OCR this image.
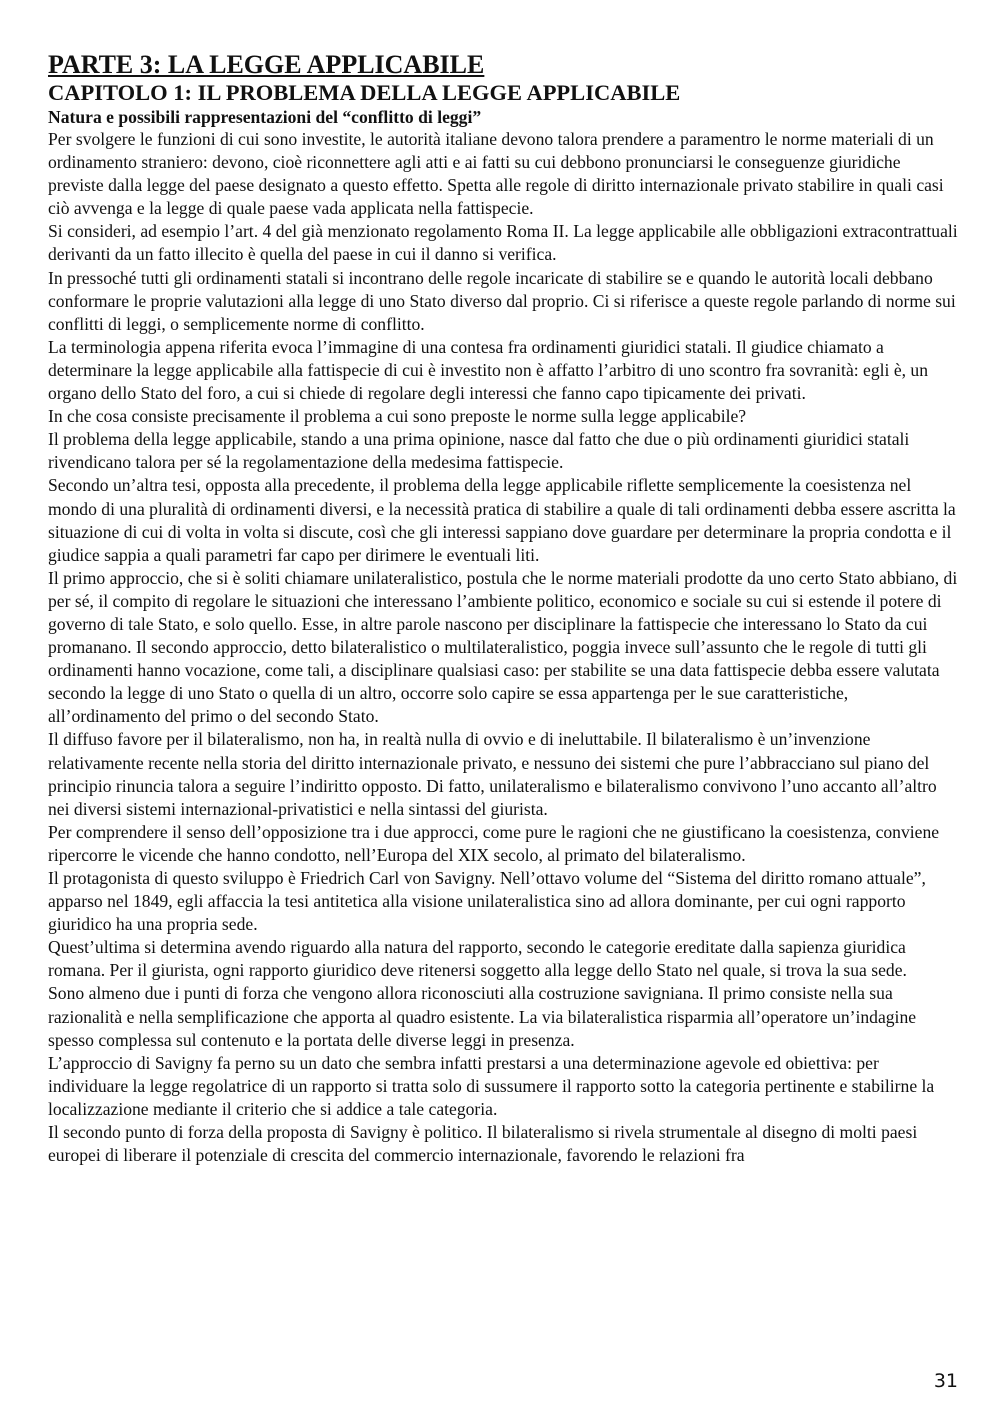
PARTE 3: LA LEGGE APPLICABILE
CAPITOLO 1: IL PROBLEMA DELLA LEGGE APPLICABILE
Natura e possibili rappresentazioni del “conflitto di leggi”

Per svolgere le funzioni di cui sono investite, le autorità italiane devono talora prendere a paramentro le norme materiali di un ordinamento straniero: devono, cioè riconnettere agli atti e ai fatti su cui debbono pronunciarsi le conseguenze giuridiche previste dalla legge del paese designato a questo effetto. Spetta alle regole di diritto internazionale privato stabilire in quali casi ciò avvenga e la legge di quale paese vada applicata nella fattispecie.

Si consideri, ad esempio l’art. 4 del già menzionato regolamento Roma II. La legge applicabile alle obbligazioni extracontrattuali derivanti da un fatto illecito è quella del paese in cui il danno si verifica.

In pressoché tutti gli ordinamenti statali si incontrano delle regole incaricate di stabilire se e quando le autorità locali debbano conformare le proprie valutazioni alla legge di uno Stato diverso dal proprio. Ci si riferisce a queste regole parlando di norme sui conflitti di leggi, o semplicemente norme di conflitto.

La terminologia appena riferita evoca l’immagine di una contesa fra ordinamenti giuridici statali. Il giudice chiamato a determinare la legge applicabile alla fattispecie di cui è investito non è affatto l’arbitro di uno scontro fra sovranità: egli è, un organo dello Stato del foro, a cui si chiede di regolare degli interessi che fanno capo tipicamente dei privati.

In che cosa consiste precisamente il problema a cui sono preposte le norme sulla legge applicabile?

Il problema della legge applicabile, stando a una prima opinione, nasce dal fatto che due o più ordinamenti giuridici statali rivendicano talora per sé la regolamentazione della medesima fattispecie.

Secondo un’altra tesi, opposta alla precedente, il problema della legge applicabile riflette semplicemente la coesistenza nel mondo di una pluralità di ordinamenti diversi, e la necessità pratica di stabilire a quale di tali ordinamenti debba essere ascritta la situazione di cui di volta in volta si discute, così che gli interessi sappiano dove guardare per determinare la propria condotta e il giudice sappia a quali parametri far capo per dirimere le eventuali liti.

Il primo approccio, che si è soliti chiamare unilateralistico, postula che le norme materiali prodotte da uno certo Stato abbiano, di per sé, il compito di regolare le situazioni che interessano l’ambiente politico, economico e sociale su cui si estende il potere di governo di tale Stato, e solo quello. Esse, in altre parole nascono per disciplinare la fattispecie che interessano lo Stato da cui promanano. Il secondo approccio, detto bilateralistico o multilateralistico, poggia invece sull’assunto che le regole di tutti gli ordinamenti hanno vocazione, come tali, a disciplinare qualsiasi caso: per stabilite se una data fattispecie debba essere valutata secondo la legge di uno Stato o quella di un altro, occorre solo capire se essa appartenga per le sue caratteristiche, all’ordinamento del primo o del secondo Stato.

Il diffuso favore per il bilateralismo, non ha, in realtà nulla di ovvio e di ineluttabile. Il bilateralismo è un’invenzione relativamente recente nella storia del diritto internazionale privato, e nessuno dei sistemi che pure l’abbracciano sul piano del principio rinuncia talora a seguire l’indiritto opposto. Di fatto, unilateralismo e bilateralismo convivono l’uno accanto all’altro nei diversi sistemi internazional-privatistici e nella sintassi del giurista.

Per comprendere il senso dell’opposizione tra i due approcci, come pure le ragioni che ne giustificano la coesistenza, conviene ripercorre le vicende che hanno condotto, nell’Europa del XIX secolo, al primato del bilateralismo.

Il protagonista di questo sviluppo è Friedrich Carl von Savigny. Nell’ottavo volume del “Sistema del diritto romano attuale”, apparso nel 1849, egli affaccia la tesi antitetica alla visione unilateralistica sino ad allora dominante, per cui ogni rapporto giuridico ha una propria sede.

Quest’ultima si determina avendo riguardo alla natura del rapporto, secondo le categorie ereditate dalla sapienza giuridica romana. Per il giurista, ogni rapporto giuridico deve ritenersi soggetto alla legge dello Stato nel quale, si trova la sua sede.

Sono almeno due i punti di forza che vengono allora riconosciuti alla costruzione savigniana. Il primo consiste nella sua razionalità e nella semplificazione che apporta al quadro esistente. La via bilateralistica risparmia all’operatore un’indagine spesso complessa sul contenuto e la portata delle diverse leggi in presenza.

L’approccio di Savigny fa perno su un dato che sembra infatti prestarsi a una determinazione agevole ed obiettiva: per individuare la legge regolatrice di un rapporto si tratta solo di sussumere il rapporto sotto la categoria pertinente e stabilirne la localizzazione mediante il criterio che si addice a tale categoria.

Il secondo punto di forza della proposta di Savigny è politico. Il bilateralismo si rivela strumentale al disegno di molti paesi europei di liberare il potenziale di crescita del commercio internazionale, favorendo le relazioni fra

31
